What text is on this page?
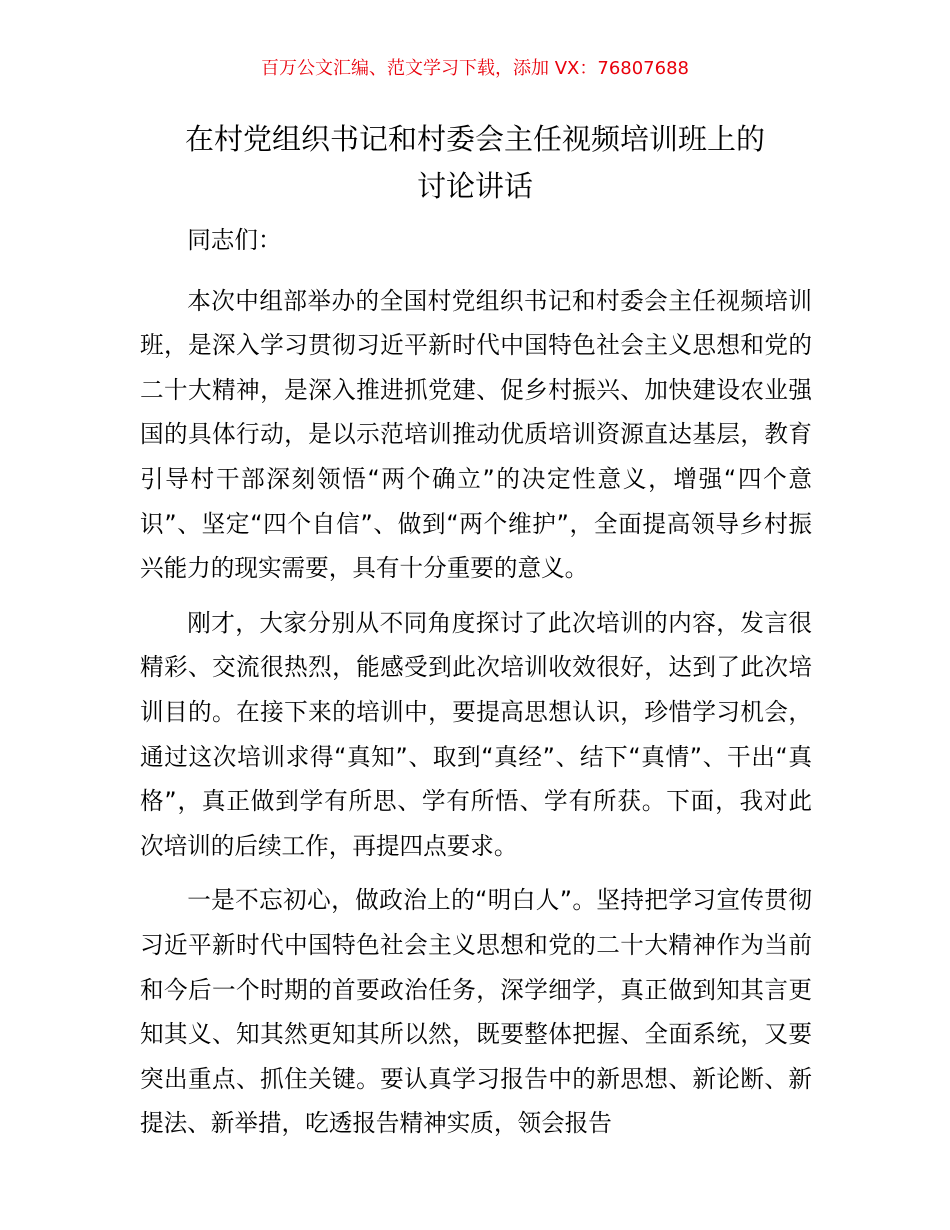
百万公文汇编、范文学习下载，添加 VX：76807688
在村党组织书记和村委会主任视频培训班上的
讨论讲话

同志们：

本次中组部举办的全国村党组织书记和村委会主任视频培训班，是深入学习贯彻习近平新时代中国特色社会主义思想和党的二十大精神，是深入推进抓党建、促乡村振兴、加快建设农业强国的具体行动，是以示范培训推动优质培训资源直达基层，教育引导村干部深刻领悟“两个确立”的决定性意义，增强“四个意识”、坚定“四个自信”、做到“两个维护”，全面提高领导乡村振兴能力的现实需要，具有十分重要的意义。

刚才，大家分别从不同角度探讨了此次培训的内容，发言很精彩、交流很热烈，能感受到此次培训收效很好，达到了此次培训目的。在接下来的培训中，要提高思想认识，珍惜学习机会，通过这次培训求得“真知”、取到“真经”、结下“真情”、干出“真格”，真正做到学有所思、学有所悟、学有所获。下面，我对此次培训的后续工作，再提四点要求。

一是不忘初心，做政治上的“明白人”。坚持把学习宣传贯彻习近平新时代中国特色社会主义思想和党的二十大精神作为当前和今后一个时期的首要政治任务，深学细学，真正做到知其言更知其义、知其然更知其所以然，既要整体把握、全面系统，又要突出重点、抓住关键。要认真学习报告中的新思想、新论断、新提法、新举措，吃透报告精神实质，领会报告
